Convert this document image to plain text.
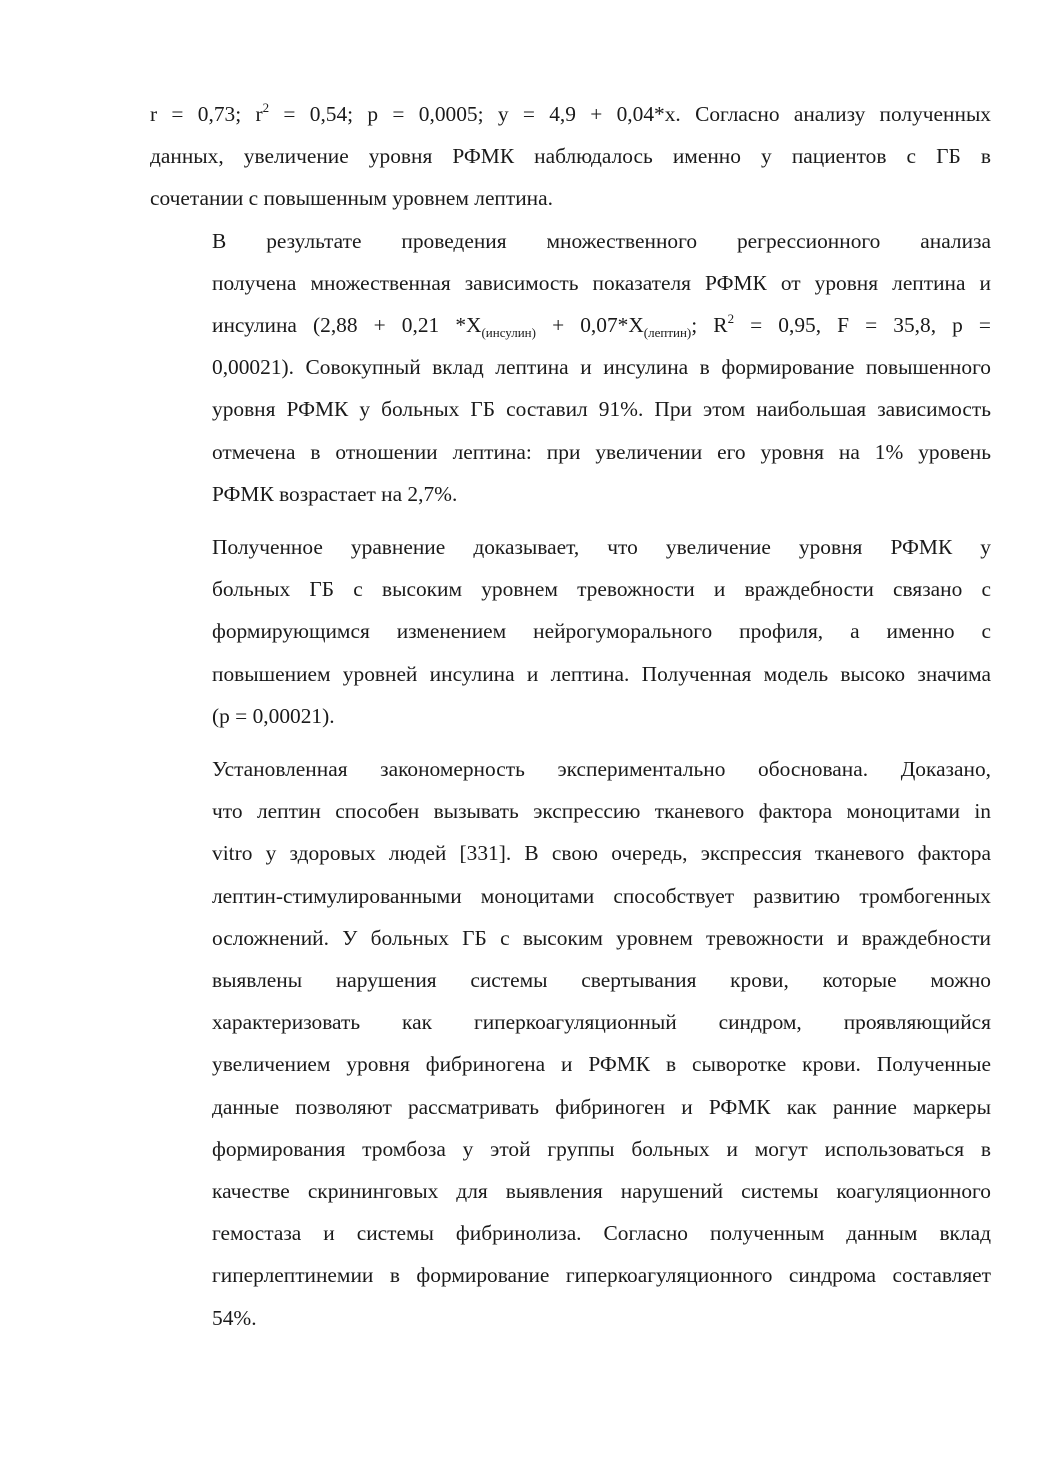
r = 0,73; $r^2 = 0,54$; p = 0,0005; y = 4,9 + 0,04*x. Согласно анализу полученных
данных, увеличение уровня РФМК наблюдалось именно у пациентов с ГБ в
сочетании с повышенным уровнем лептина.

В результате проведения множественного регрессионного анализа
получена множественная зависимость показателя РФМК от уровня лептина и
инсулина (2,88 + 0,21 $*X_{(инсулин)} + 0,07*X_{(лептин)}$; $R^2 = 0,95$, F = 35,8, p =
0,00021). Совокупный вклад лептина и инсулина в формирование повышенного
уровня РФМК у больных ГБ составил 91%. При этом наибольшая зависимость
отмечена в отношении лептина: при увеличении его уровня на 1% уровень
РФМК возрастает на 2,7%.

Полученное уравнение доказывает, что увеличение уровня РФМК у
больных ГБ с высоким уровнем тревожности и враждебности связано с
формирующимся изменением нейрогуморального профиля, а именно с
повышением уровней инсулина и лептина. Полученная модель высоко значима
(p = 0,00021).

Установленная закономерность экспериментально обоснована. Доказано,
что лептин способен вызывать экспрессию тканевого фактора моноцитами in
vitro у здоровых людей [331]. В свою очередь, экспрессия тканевого фактора
лептин-стимулированными моноцитами способствует развитию тромбогенных
осложнений. У больных ГБ с высоким уровнем тревожности и враждебности
выявлены нарушения системы свертывания крови, которые можно
характеризовать как гиперкоагуляционный синдром, проявляющийся
увеличением уровня фибриногена и РФМК в сыворотке крови. Полученные
данные позволяют рассматривать фибриноген и РФМК как ранние маркеры
формирования тромбоза у этой группы больных и могут использоваться в
качестве скрининговых для выявления нарушений системы коагуляционного
гемостаза и системы фибринолиза. Согласно полученным данным вклад
гиперлептинемии в формирование гиперкоагуляционного синдрома составляет
54%.
